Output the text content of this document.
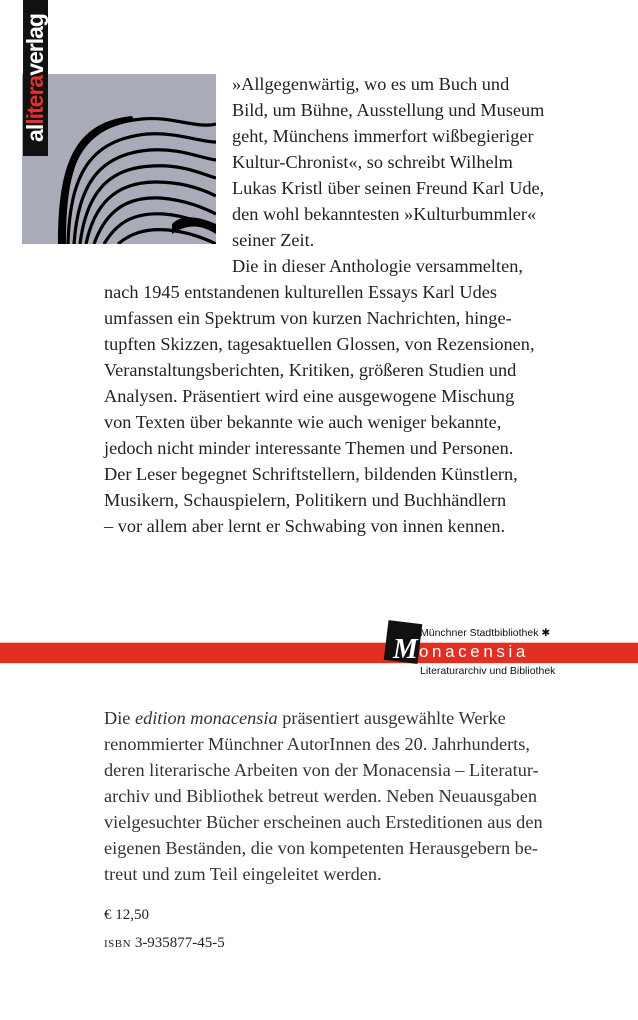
alliteraverlag

»Allgegenwärtig, wo es um Buch und

Bild, um Bühne, Ausstellung und Museum

geht, Münchens immerfort wißbegieriger

Kultur-Chronist«, so schreibt Wilhelm

Lukas Kristl über seinen Freund Karl Ude,

den wohl bekanntesten »Kulturbummler«

seiner Zeit.

Die in dieser Anthologie versammelten,

nach 1945 entstandenen kulturellen Essays Karl Udes

umfassen ein Spektrum von kurzen Nachrichten, hinge-

tupften Skizzen, tagesaktuellen Glossen, von Rezensionen,

Veranstaltungsberichten, Kritiken, größeren Studien und

Analysen. Präsentiert wird eine ausgewogene Mischung

von Texten über bekannte wie auch weniger bekannte,

jedoch nicht minder interessante Themen und Personen.

Der Leser begegnet Schriftstellern, bildenden Künstlern,

Musikern, Schauspielern, Politikern und Buchhändlern

– vor allem aber lernt er Schwabing von innen kennen.

M
Münchner Stadtbibliothek ✱
onacensia
Literaturarchiv und Bibliothek

Die edition monacensia präsentiert ausgewählte Werke

renommierter Münchner AutorInnen des 20. Jahrhunderts,

deren literarische Arbeiten von der Monacensia – Literatur-

archiv und Bibliothek betreut werden. Neben Neuausgaben

vielgesuchter Bücher erscheinen auch Ersteditionen aus den

eigenen Beständen, die von kompetenten Herausgebern be-

treut und zum Teil eingeleitet werden.

€ 12,50
ISBN 3-935877-45-5
